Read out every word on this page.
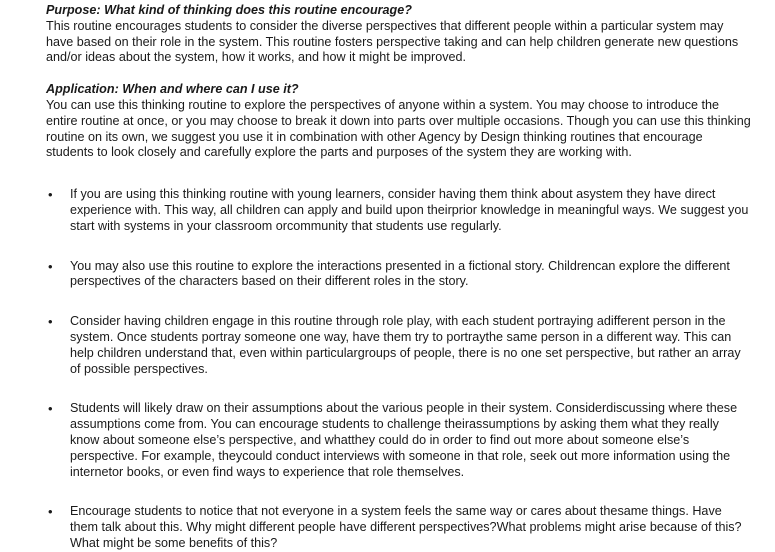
Purpose: What kind of thinking does this routine encourage?

This routine encourages students to consider the diverse perspectives that different people within a particular system may have based on their role in the system. This routine fosters perspective taking and can help children generate new questions and/or ideas about the system, how it works, and how it might be improved.

Application: When and where can I use it?

You can use this thinking routine to explore the perspectives of anyone within a system. You may choose to introduce the entire routine at once, or you may choose to break it down into parts over multiple occasions. Though you can use this thinking routine on its own, we suggest you use it in combination with other Agency by Design thinking routines that encourage students to look closely and carefully explore the parts and purposes of the system they are working with.

• If you are using this thinking routine with young learners, consider having them think about asystem they have direct experience with. This way, all children can apply and build upon theirprior knowledge in meaningful ways. We suggest you start with systems in your classroom orcommunity that students use regularly.
• You may also use this routine to explore the interactions presented in a fictional story. Childrencan explore the different perspectives of the characters based on their different roles in the story.
• Consider having children engage in this routine through role play, with each student portraying adifferent person in the system. Once students portray someone one way, have them try to portraythe same person in a different way. This can help children understand that, even within particulargroups of people, there is no one set perspective, but rather an array of possible perspectives.
• Students will likely draw on their assumptions about the various people in their system. Considerdiscussing where these assumptions come from. You can encourage students to challenge theirassumptions by asking them what they really know about someone else’s perspective, and whatthey could do in order to find out more about someone else’s perspective. For example, theycould conduct interviews with someone in that role, seek out more information using the internetor books, or even find ways to experience that role themselves.
• Encourage students to notice that not everyone in a system feels the same way or cares about thesame things. Have them talk about this. Why might different people have different perspectives?What problems might arise because of this? What might be some benefits of this?
